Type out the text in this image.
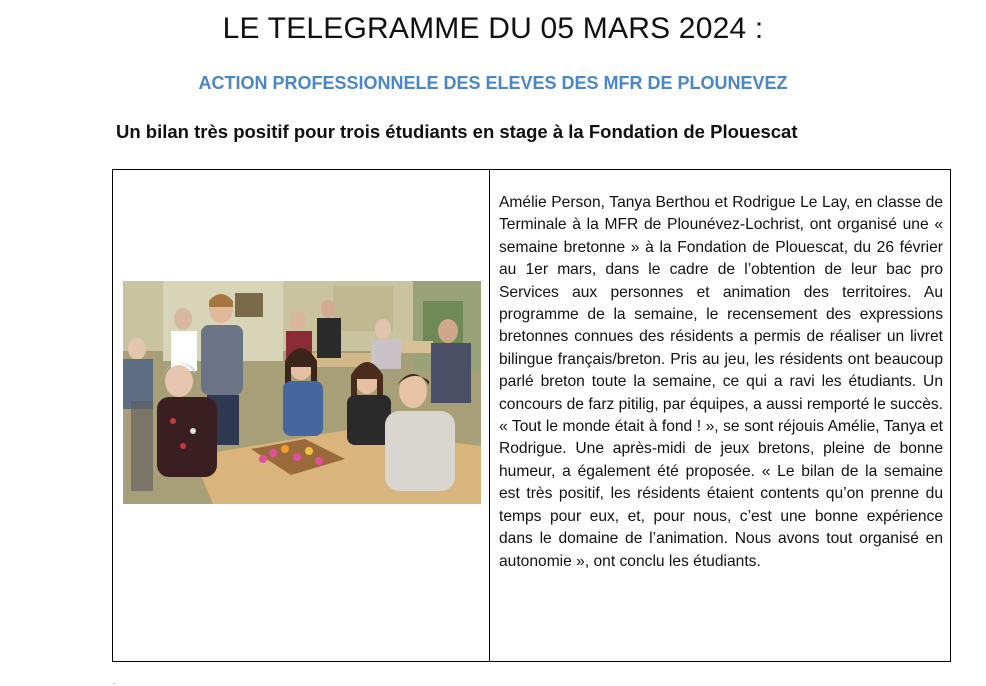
LE TELEGRAMME DU 05 MARS 2024 :
ACTION PROFESSIONNELE DES ELEVES DES MFR DE PLOUNEVEZ
Un bilan très positif pour trois étudiants en stage à la Fondation de Plouescat
Amélie Person, Tanya Berthou et Rodrigue Le Lay, en classe de Terminale à la MFR de Plounévez-Lochrist, ont organisé une « semaine bretonne » à la Fondation de Plouescat, du 26 février au 1er mars, dans le cadre de l’obtention de leur bac pro Services aux personnes et animation des territoires. Au programme de la semaine, le recensement des expressions bretonnes connues des résidents a permis de réaliser un livret bilingue français/breton. Pris au jeu, les résidents ont beaucoup parlé breton toute la semaine, ce qui a ravi les étudiants. Un concours de farz pitilig, par équipes, a aussi remporté le succès. « Tout le monde était à fond ! », se sont réjouis Amélie, Tanya et Rodrigue. Une après-midi de jeux bretons, pleine de bonne humeur, a également été proposée. « Le bilan de la semaine est très positif, les résidents étaient contents qu’on prenne du temps pour eux, et, pour nous, c’est une bonne expérience dans le domaine de l’animation. Nous avons tout organisé en autonomie », ont conclu les étudiants.
.
